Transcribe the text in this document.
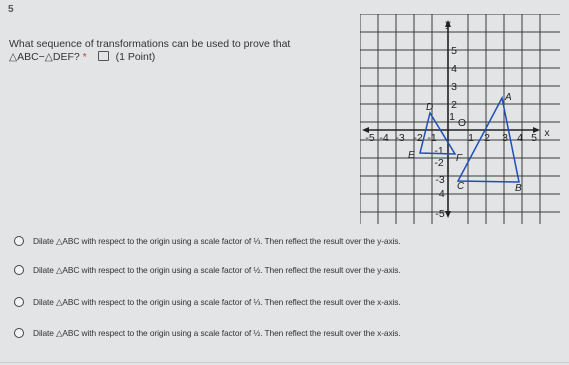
5
What sequence of transformations can be used to prove that
△ABC−△DEF? *	(1 Point)
x
y
-5 -4 -3 -2 -1	1 2 3 4 5
5
4
3
2
1
-1
-2
-3
-4
-5
O
A
B
C
D
E	F
Dilate △ABC with respect to the origin using a scale factor of ⅓. Then reflect the result over the y-axis.
Dilate △ABC with respect to the origin using a scale factor of ½. Then reflect the result over the y-axis.
Dilate △ABC with respect to the origin using a scale factor of ⅓. Then reflect the result over the x-axis.
Dilate △ABC with respect to the origin using a scale factor of ½. Then reflect the result over the x-axis.
